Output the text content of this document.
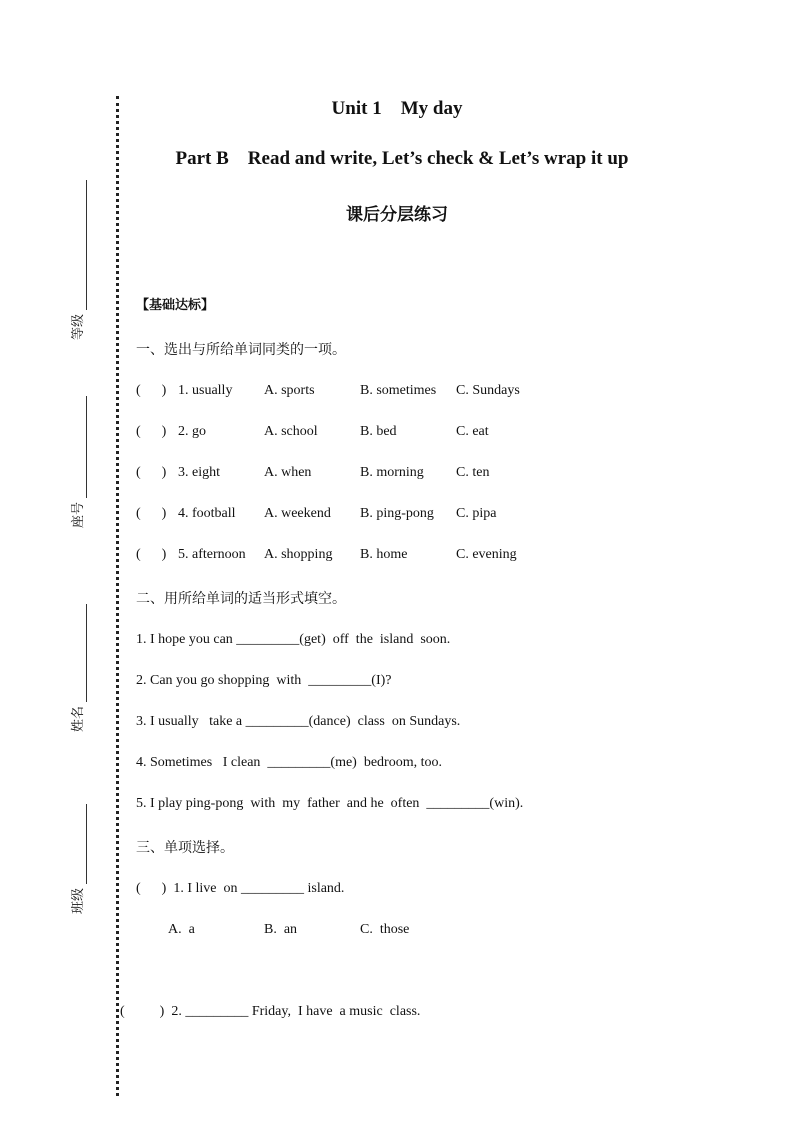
等级
座号
姓名
班级
Unit 1    My day
Part B    Read and write, Let’s check & Let’s wrap it up
课后分层练习
【基础达标】
一、选出与所给单词同类的一项。
(      ) 1. usually A. sports	B. sometimes C. Sundays
(      ) 2. go	A. school	B. bed	C. eat
(      ) 3. eight	A. when	B. morning C. ten
(      ) 4. football A. weekend B. ping-pong C. pipa
(      ) 5. afternoon A. shopping B. home	C. evening
二、用所给单词的适当形式填空。
1. I hope you can _________(get)  off  the  island  soon.
2. Can you go shopping  with  _________(I)?
3. I usually   take a _________(dance)  class  on Sundays.
4. Sometimes   I clean  _________(me)  bedroom, too.
5. I play ping-pong  with  my  father  and he  often  _________(win).
三、单项选择。
(      )  1. I live  on _________ island.
A.  a	B.  an	C.  those
(          )  2. _________ Friday,  I have  a music  class.
